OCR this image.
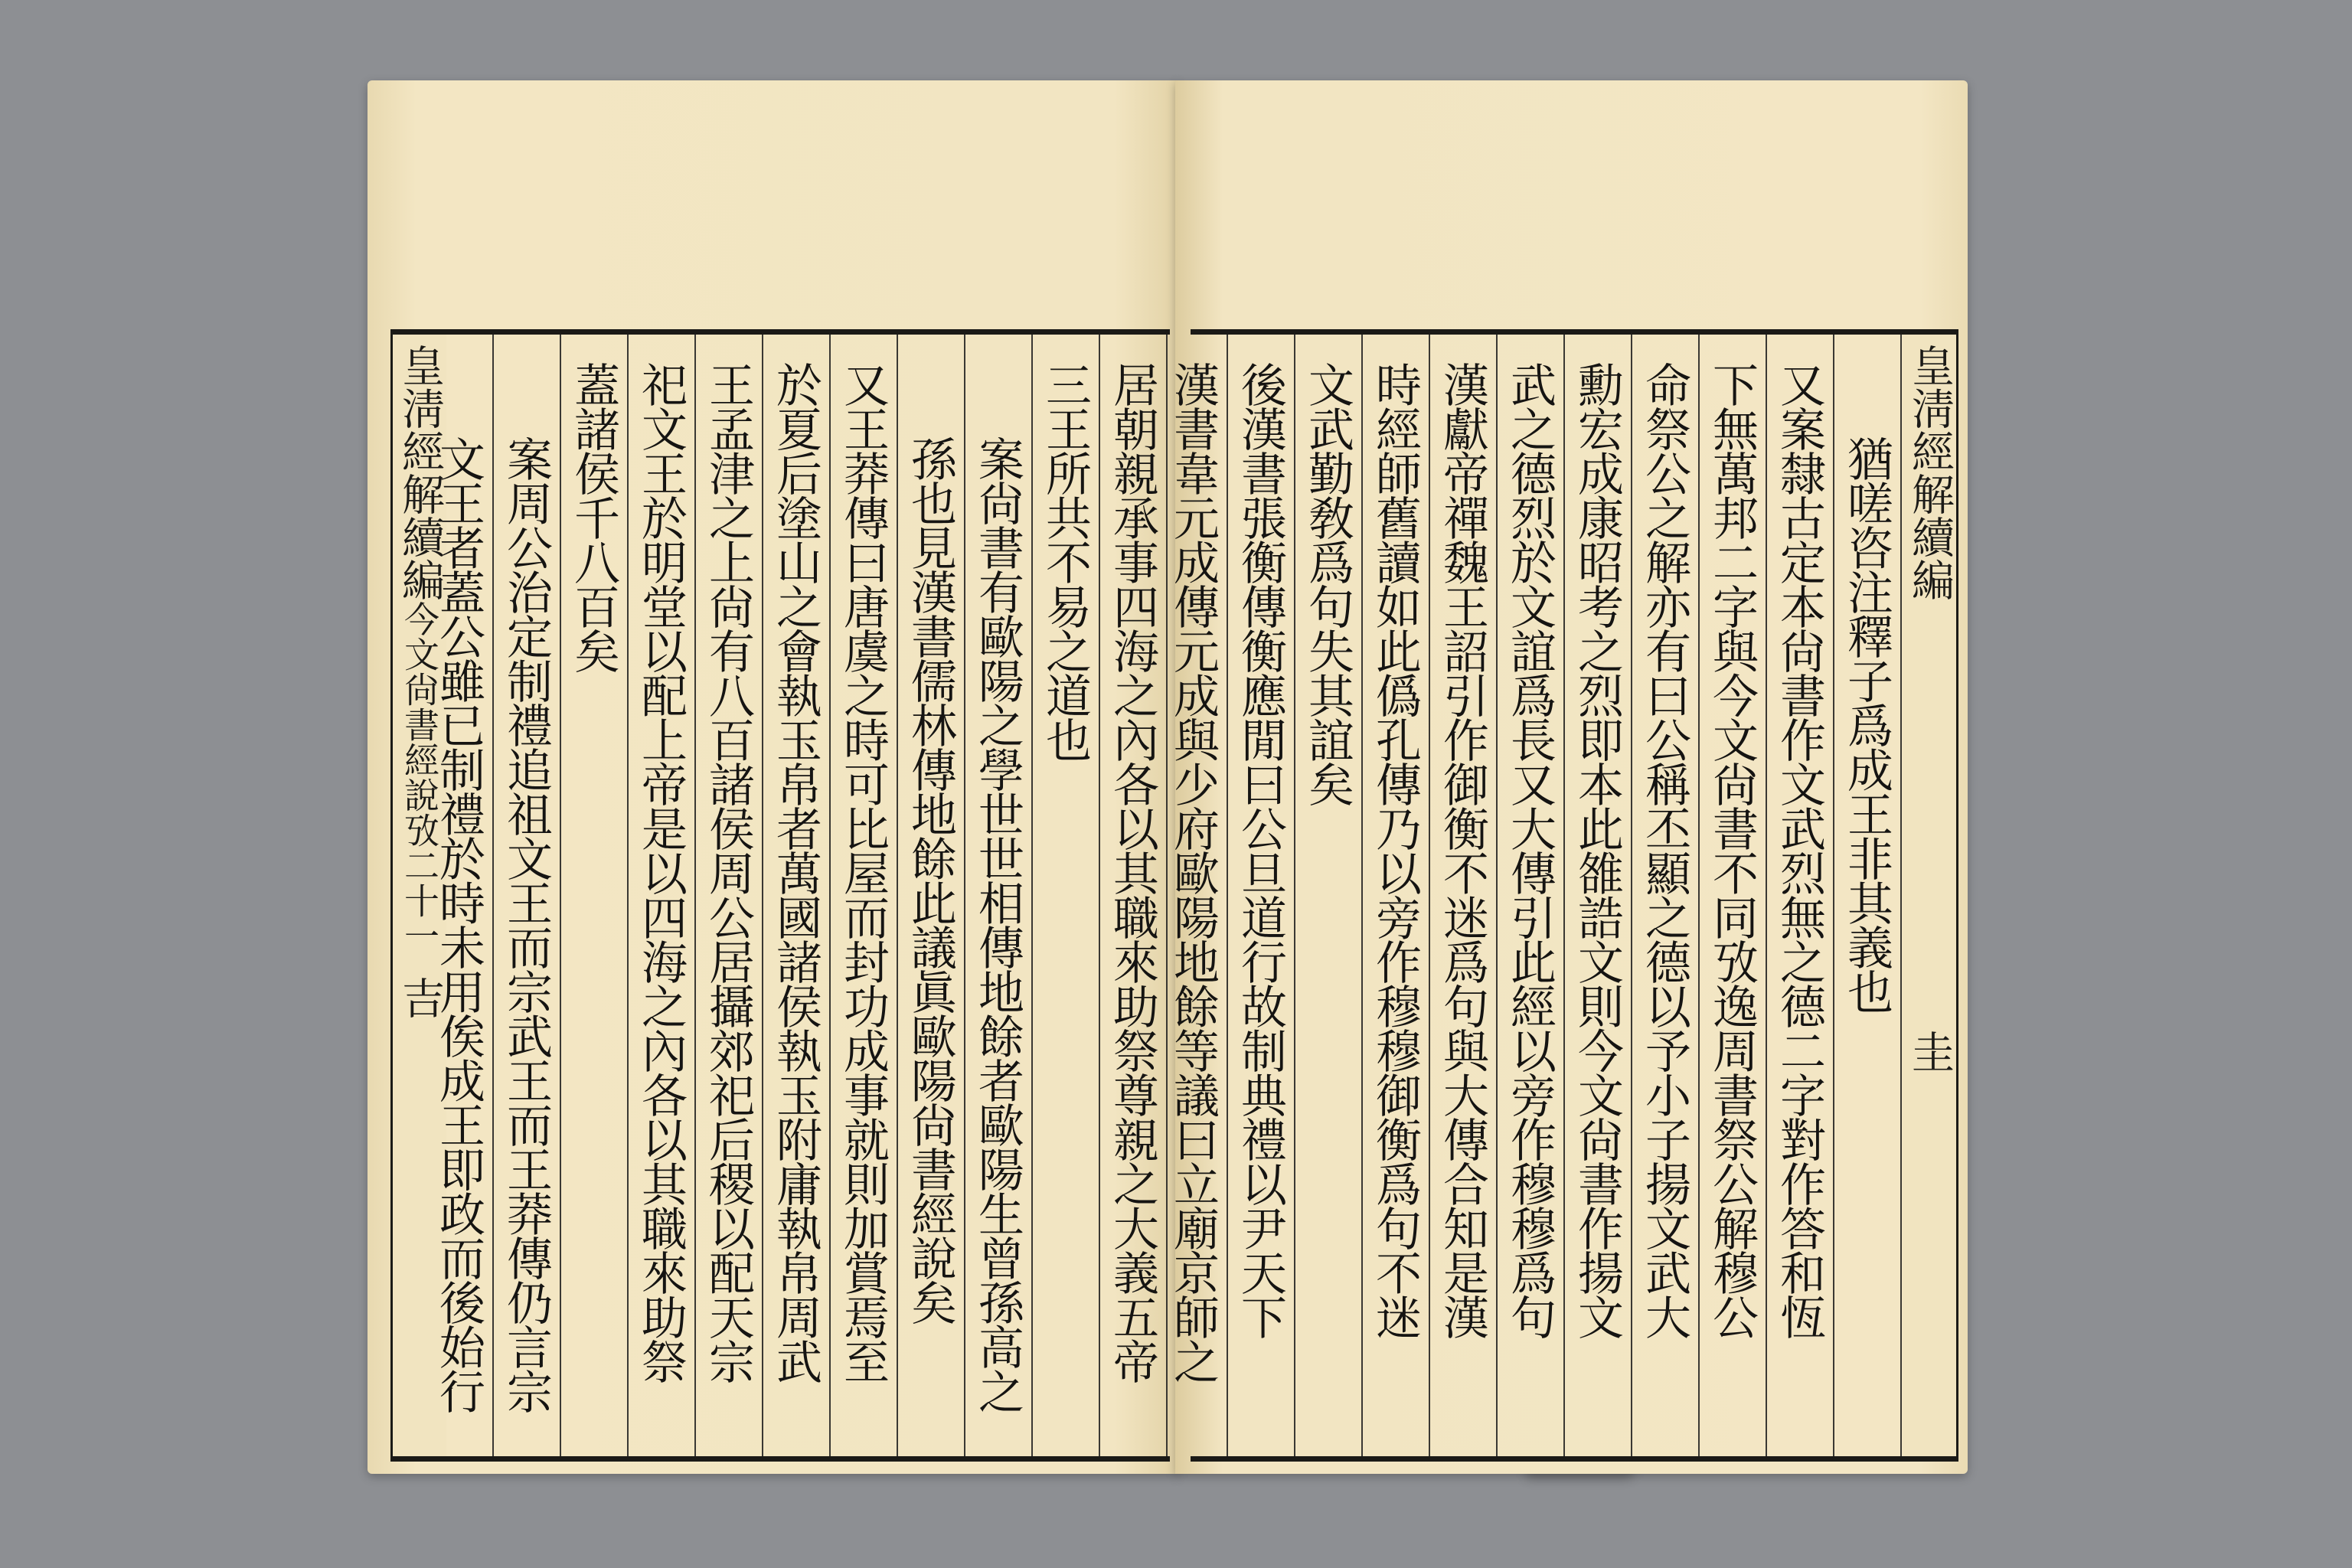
皇淸經解續編
今文尙書經說攷二十一
吉	居朝親承事四海之內各以其職來助祭尊親之大義五帝
三王所共不易之道也
案尙書有歐陽之學世世相傳地餘者歐陽生曾孫高之
孫也見漢書儒林傳地餘此議眞歐陽尙書經說矣
又王莽傳曰唐虞之時可比屋而封功成事就則加賞焉至
於夏后塗山之會執玉帛者萬國諸侯執玉附庸執帛周武
王孟津之上尙有八百諸侯周公居攝郊祀后稷以配天宗
祀文王於明堂以配上帝是以四海之內各以其職來助祭
蓋諸侯千八百矣
案周公治定制禮追祖文王而宗武王而王莽傳仍言宗
文王者蓋公雖已制禮於時未用俟成王即政而後始行	皇淸經解續編
圭
猶嗟咨注釋子爲成王非其義也
又案隸古定本尙書作文武烈無之德二字對作答和恆
下無萬邦二字與今文尙書不同攷逸周書祭公解穆公
命祭公之解亦有曰公稱丕顯之德以予小子揚文武大
勳宏成康昭考之烈即本此雒誥文則今文尙書作揚文
武之德烈於文誼爲長又大傳引此經以旁作穆穆爲句
漢獻帝禪魏王詔引作御衡不迷爲句與大傳合知是漢
時經師舊讀如此僞孔傳乃以旁作穆穆御衡爲句不迷
文武勤敎爲句失其誼矣
後漢書張衡傳衡應閒曰公旦道行故制典禮以尹天下
漢書韋元成傳元成與少府歐陽地餘等議曰立廟京師之
